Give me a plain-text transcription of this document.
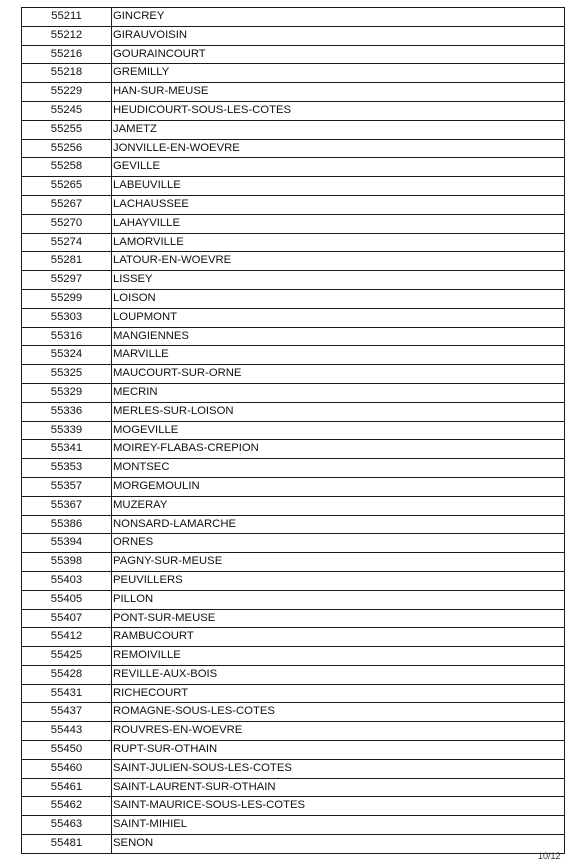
55211	GINCREY
55212	GIRAUVOISIN
55216	GOURAINCOURT
55218	GREMILLY
55229	HAN-SUR-MEUSE
55245	HEUDICOURT-SOUS-LES-COTES
55255	JAMETZ
55256	JONVILLE-EN-WOEVRE
55258	GEVILLE
55265	LABEUVILLE
55267	LACHAUSSEE
55270	LAHAYVILLE
55274	LAMORVILLE
55281	LATOUR-EN-WOEVRE
55297	LISSEY
55299	LOISON
55303	LOUPMONT
55316	MANGIENNES
55324	MARVILLE
55325	MAUCOURT-SUR-ORNE
55329	MECRIN
55336	MERLES-SUR-LOISON
55339	MOGEVILLE
55341	MOIREY-FLABAS-CREPION
55353	MONTSEC
55357	MORGEMOULIN
55367	MUZERAY
55386	NONSARD-LAMARCHE
55394	ORNES
55398	PAGNY-SUR-MEUSE
55403	PEUVILLERS
55405	PILLON
55407	PONT-SUR-MEUSE
55412	RAMBUCOURT
55425	REMOIVILLE
55428	REVILLE-AUX-BOIS
55431	RICHECOURT
55437	ROMAGNE-SOUS-LES-COTES
55443	ROUVRES-EN-WOEVRE
55450	RUPT-SUR-OTHAIN
55460	SAINT-JULIEN-SOUS-LES-COTES
55461	SAINT-LAURENT-SUR-OTHAIN
55462	SAINT-MAURICE-SOUS-LES-COTES
55463	SAINT-MIHIEL
55481	SENON
10/12
